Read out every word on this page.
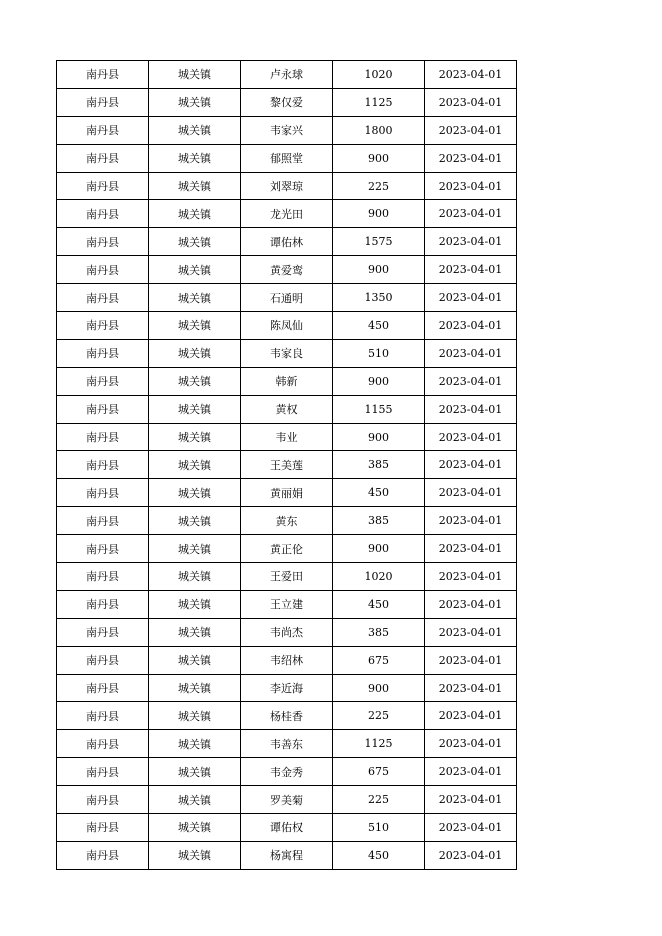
南丹县	城关镇	卢永球	1020	2023-04-01
南丹县	城关镇	黎仅爱	1125	2023-04-01
南丹县	城关镇	韦家兴	1800	2023-04-01
南丹县	城关镇	郁照堂	900	2023-04-01
南丹县	城关镇	刘翠琼	225	2023-04-01
南丹县	城关镇	龙光田	900	2023-04-01
南丹县	城关镇	谭佑林	1575	2023-04-01
南丹县	城关镇	黄爱鸾	900	2023-04-01
南丹县	城关镇	石通明	1350	2023-04-01
南丹县	城关镇	陈凤仙	450	2023-04-01
南丹县	城关镇	韦家良	510	2023-04-01
南丹县	城关镇	韩新	900	2023-04-01
南丹县	城关镇	黄权	1155	2023-04-01
南丹县	城关镇	韦业	900	2023-04-01
南丹县	城关镇	王美莲	385	2023-04-01
南丹县	城关镇	黄丽娟	450	2023-04-01
南丹县	城关镇	黄东	385	2023-04-01
南丹县	城关镇	黄正伦	900	2023-04-01
南丹县	城关镇	王爱田	1020	2023-04-01
南丹县	城关镇	王立建	450	2023-04-01
南丹县	城关镇	韦尚杰	385	2023-04-01
南丹县	城关镇	韦绍林	675	2023-04-01
南丹县	城关镇	李近海	900	2023-04-01
南丹县	城关镇	杨桂香	225	2023-04-01
南丹县	城关镇	韦善东	1125	2023-04-01
南丹县	城关镇	韦金秀	675	2023-04-01
南丹县	城关镇	罗美菊	225	2023-04-01
南丹县	城关镇	谭佑权	510	2023-04-01
南丹县	城关镇	杨寓程	450	2023-04-01
